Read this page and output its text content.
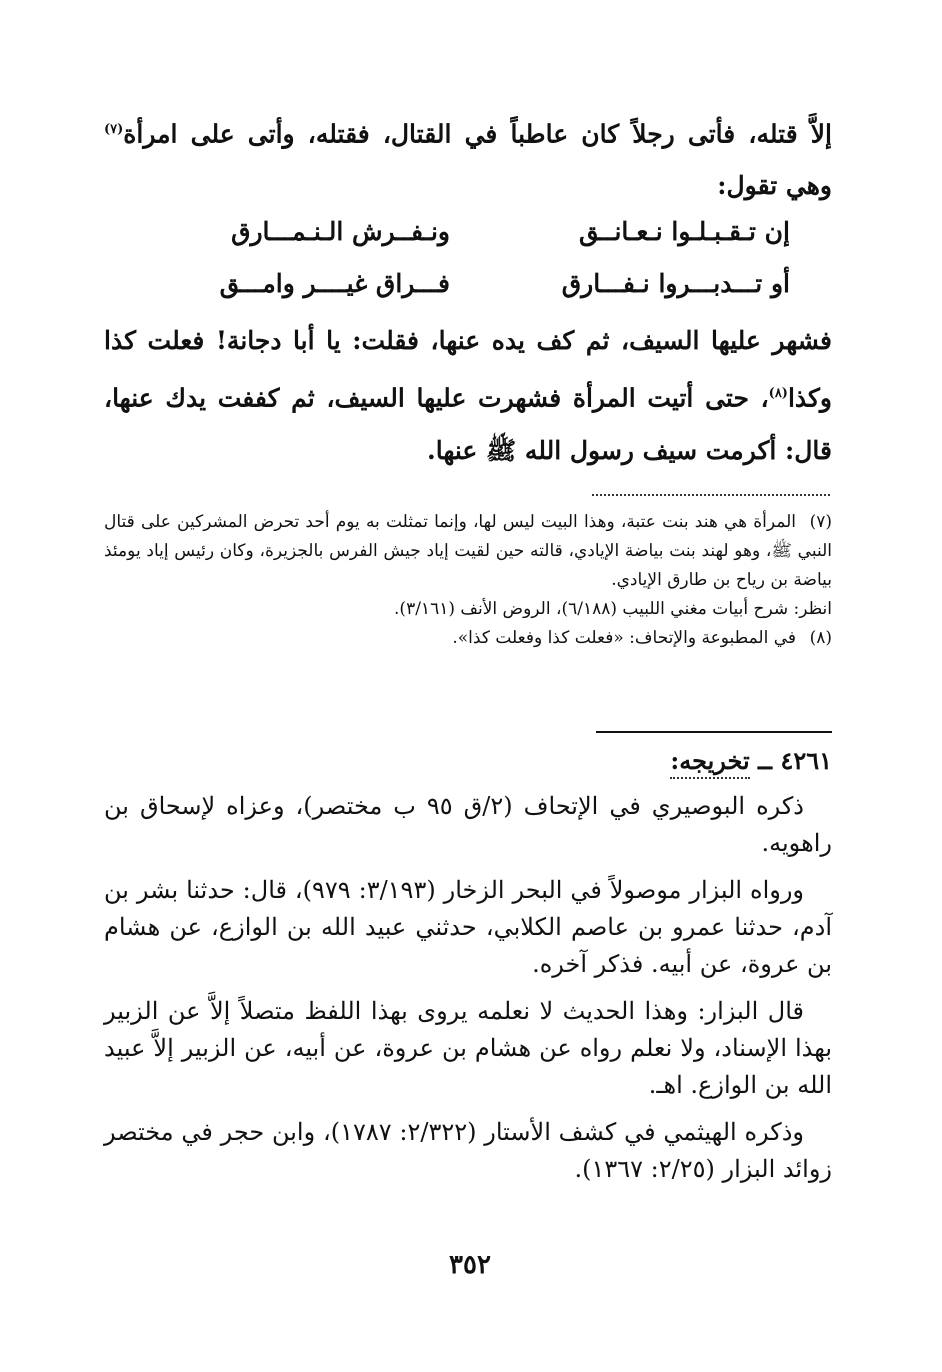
إلاَّ قتله، فأتى رجلاً كان عاطباً في القتال، فقتله، وأتى على امرأة$^{(٧)}$ وهي تقول:
إن تـقـبـلـوا نـعـانــق
ونـفــرش الـنـمـــارق
أو تـــدبـــروا نـفـــارق
فـــراق غيــــر وامـــق
فشهر عليها السيف، ثم كف يده عنها، فقلت: يا أبا دجانة! فعلت كذا وكذا$^{(٨)}$، حتى أتيت المرأة فشهرت عليها السيف، ثم كففت يدك عنها، قال: أكرمت سيف رسول الله ﷺ عنها.

(٧)المرأة هي هند بنت عتبة، وهذا البيت ليس لها، وإنما تمثلت به يوم أحد تحرض المشركين على قتال النبي ﷺ، وهو لهند بنت بياضة الإيادي، قالته حين لقيت إياد جيش الفرس بالجزيرة، وكان رئيس إياد يومئذ بياضة بن رياح بن طارق الإيادي.

انظر: شرح أبيات مغني اللبيب (٦/١٨٨)، الروض الأنف (٣/١٦١).

(٨)في المطبوعة والإتحاف: «فعلت كذا وفعلت كذا».

٤٢٦١ ــ تخريجه:

ذكره البوصيري في الإتحاف (٢/ق ٩٥ ب مختصر)، وعزاه لإسحاق بن راهويه.

ورواه البزار موصولاً في البحر الزخار (٣/١٩٣: ٩٧٩)، قال: حدثنا بشر بن آدم، حدثنا عمرو بن عاصم الكلابي، حدثني عبيد الله بن الوازع، عن هشام بن عروة، عن أبيه. فذكر آخره.

قال البزار: وهذا الحديث لا نعلمه يروى بهذا اللفظ متصلاً إلاَّ عن الزبير بهذا الإسناد، ولا نعلم رواه عن هشام بن عروة، عن أبيه، عن الزبير إلاَّ عبيد الله بن الوازع. اهـ.

وذكره الهيثمي في كشف الأستار (٢/٣٢٢: ١٧٨٧)، وابن حجر في مختصر زوائد البزار (٢/٢٥: ١٣٦٧).

٣٥٢
